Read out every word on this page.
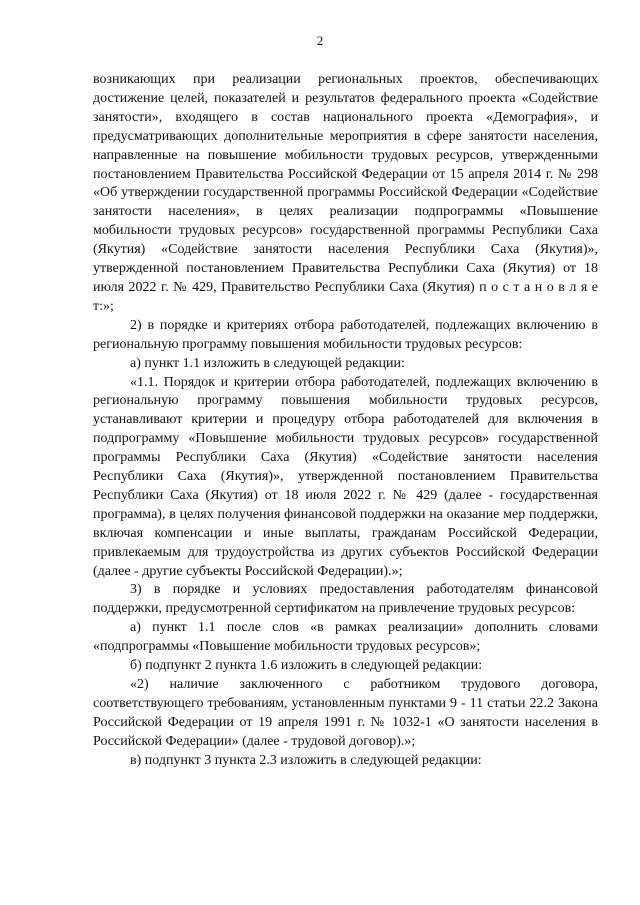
2

возникающих при реализации региональных проектов, обеспечивающих достижение целей, показателей и результатов федерального проекта «Содействие занятости», входящего в состав национального проекта «Демография», и предусматривающих дополнительные мероприятия в сфере занятости населения, направленные на повышение мобильности трудовых ресурсов, утвержденными постановлением Правительства Российской Федерации от 15 апреля 2014 г. № 298 «Об утверждении государственной программы Российской Федерации «Содействие занятости населения», в целях реализации подпрограммы «Повышение мобильности трудовых ресурсов» государственной программы Республики Саха (Якутия) «Содействие занятости населения Республики Саха (Якутия)», утвержденной постановлением Правительства Республики Саха (Якутия) от 18 июля 2022 г. № 429, Правительство Республики Саха (Якутия) п о с т а н о в л я е т:»;

2) в порядке и критериях отбора работодателей, подлежащих включению в региональную программу повышения мобильности трудовых ресурсов:

а) пункт 1.1 изложить в следующей редакции:

«1.1. Порядок и критерии отбора работодателей, подлежащих включению в региональную программу повышения мобильности трудовых ресурсов, устанавливают критерии и процедуру отбора работодателей для включения в подпрограмму «Повышение мобильности трудовых ресурсов» государственной программы Республики Саха (Якутия) «Содействие занятости населения Республики Саха (Якутия)», утвержденной постановлением Правительства Республики Саха (Якутия) от 18 июля 2022 г. № 429 (далее - государственная программа), в целях получения финансовой поддержки на оказание мер поддержки, включая компенсации и иные выплаты, гражданам Российской Федерации, привлекаемым для трудоустройства из других субъектов Российской Федерации (далее - другие субъекты Российской Федерации).»;

3) в порядке и условиях предоставления работодателям финансовой поддержки, предусмотренной сертификатом на привлечение трудовых ресурсов:

а) пункт 1.1 после слов «в рамках реализации» дополнить словами «подпрограммы «Повышение мобильности трудовых ресурсов»;

б) подпункт 2 пункта 1.6 изложить в следующей редакции:

«2) наличие заключенного с работником трудового договора, соответствующего требованиям, установленным пунктами 9 - 11 статьи 22.2 Закона Российской Федерации от 19 апреля 1991 г. № 1032-1 «О занятости населения в Российской Федерации» (далее - трудовой договор).»;

в) подпункт 3 пункта 2.3 изложить в следующей редакции:
